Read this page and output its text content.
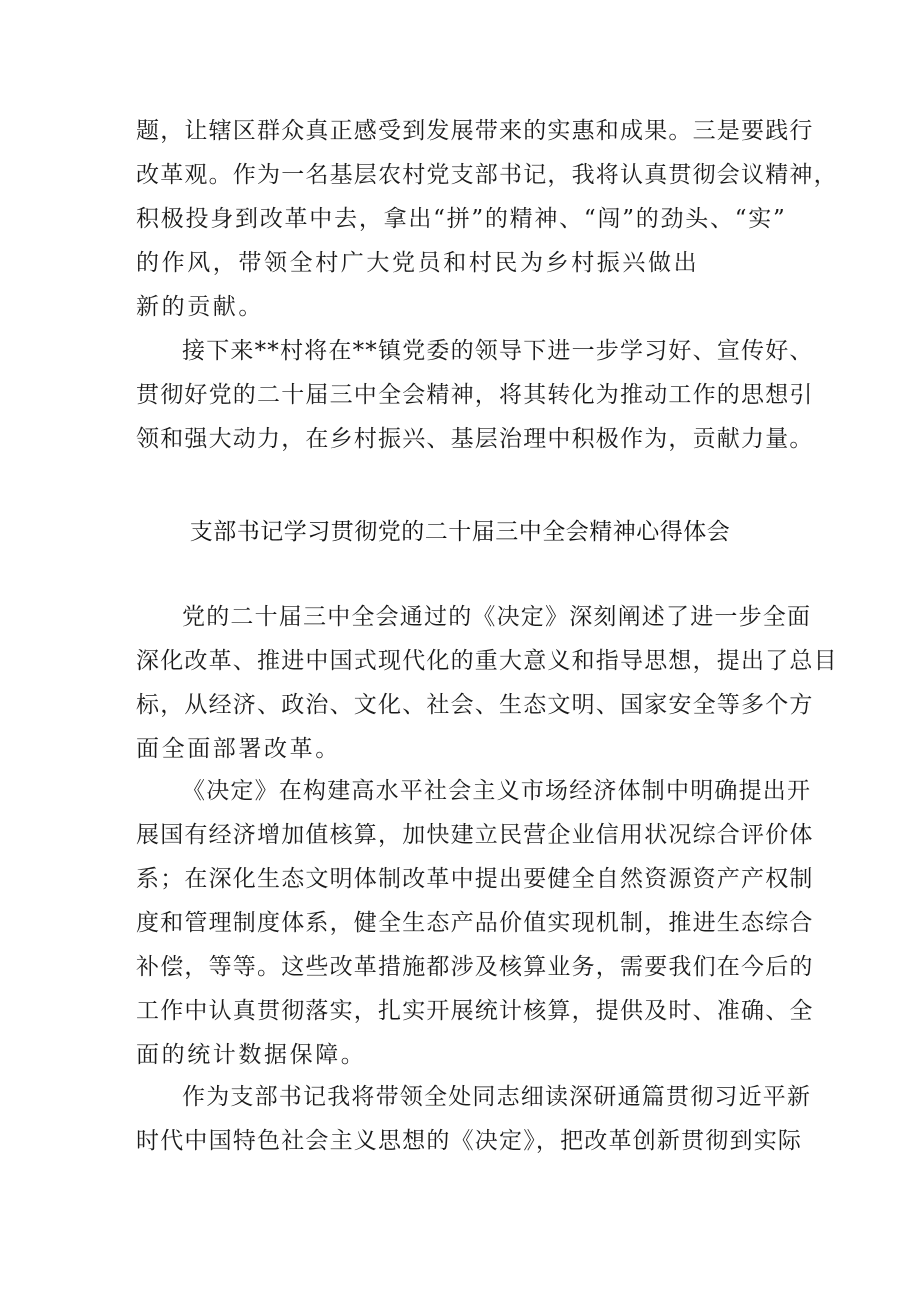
题，让辖区群众真正感受到发展带来的实惠和成果。三是要践行
改革观。作为一名基层农村党支部书记，我将认真贯彻会议精神，
积极投身到改革中去，拿出“拼”的精神、“闯”的劲头、“实”
的作风，带领全村广大党员和村民为乡村振兴做出
新的贡献。
接下来**村将在**镇党委的领导下进一步学习好、宣传好、
贯彻好党的二十届三中全会精神，将其转化为推动工作的思想引
领和强大动力，在乡村振兴、基层治理中积极作为，贡献力量。
支部书记学习贯彻党的二十届三中全会精神心得体会
党的二十届三中全会通过的《决定》深刻阐述了进一步全面
深化改革、推进中国式现代化的重大意义和指导思想，提出了总目
标，从经济、政治、文化、社会、生态文明、国家安全等多个方
面全面部署改革。
《决定》在构建高水平社会主义市场经济体制中明确提出开
展国有经济增加值核算，加快建立民营企业信用状况综合评价体
系；在深化生态文明体制改革中提出要健全自然资源资产产权制
度和管理制度体系，健全生态产品价值实现机制，推进生态综合
补偿，等等。这些改革措施都涉及核算业务，需要我们在今后的
工作中认真贯彻落实，扎实开展统计核算，提供及时、准确、全
面的统计数据保障。
作为支部书记我将带领全处同志细读深研通篇贯彻习近平新
时代中国特色社会主义思想的《决定》，把改革创新贯彻到实际
